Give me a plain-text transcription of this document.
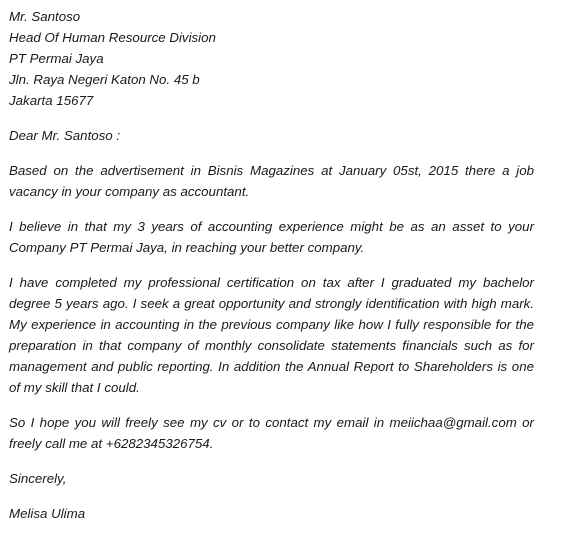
Mr. Santoso
Head Of Human Resource Division
PT Permai Jaya
Jln. Raya Negeri Katon No. 45 b
Jakarta 15677
Dear Mr. Santoso :
Based on the advertisement in Bisnis Magazines at January 05st, 2015 there a job vacancy in your company as accountant.
I believe in that my 3 years of accounting experience might be as an asset to your Company PT Permai Jaya, in reaching your better company.
I have completed my professional certification on tax after I graduated my bachelor degree 5 years ago. I seek a great opportunity and strongly identification with high mark. My experience in accounting in the previous company like how I fully responsible for the preparation in that company of monthly consolidate statements financials such as for management and public reporting. In addition the Annual Report to Shareholders is one of my skill that I could.
So I hope you will freely see my cv or to contact my email in meiichaa@gmail.com or freely call me at +6282345326754.
Sincerely,
Melisa Ulima
